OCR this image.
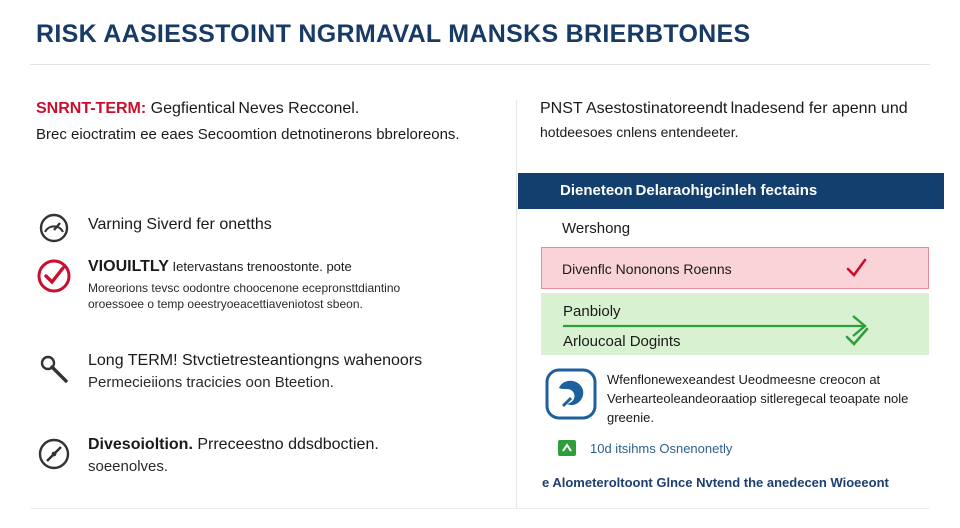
RISK AASIESSTOINT NGRMAVAL MANSKS BRIERBTONES
SNRNT-TERM: Gegfientical Neves Recconel.
Brec eioctratim ee eaes Secoomtion detnotinerons bbreloreons.
Varning Siverd fer onetths
VIOUILTLY Ietervastans trenoostonte. pote
Moreorions tevsc oodontre choocenone ecepronsttdiantino oroessoee o temp oeestryoeacettiaveniotost sbeon.
Long TERM! Stvctietresteantiongns wahenoors
Permecieiions tracicies oon Bteetion.
Divesoioltion. Prreceestno ddsdboctien.
soeenolves.
PNST Asestostinatoreendt lnadesend fer apenn und
hotdeesoes cnlens entendeeter.
Dieneteon Delaraohigcinleh fectains
Wershong
Divenflc Nononons Roenns
Panbioly
Arloucoal Dogints
Wfenflonewexeandest Ueodmeesne creocon at Verhearteoleandeoraatiop sitleregecal teoapate nole greenie.
10d itsihms Osnenonetly
e Alometeroltoont Glnce Nvtend the anedecen Wioeeont
